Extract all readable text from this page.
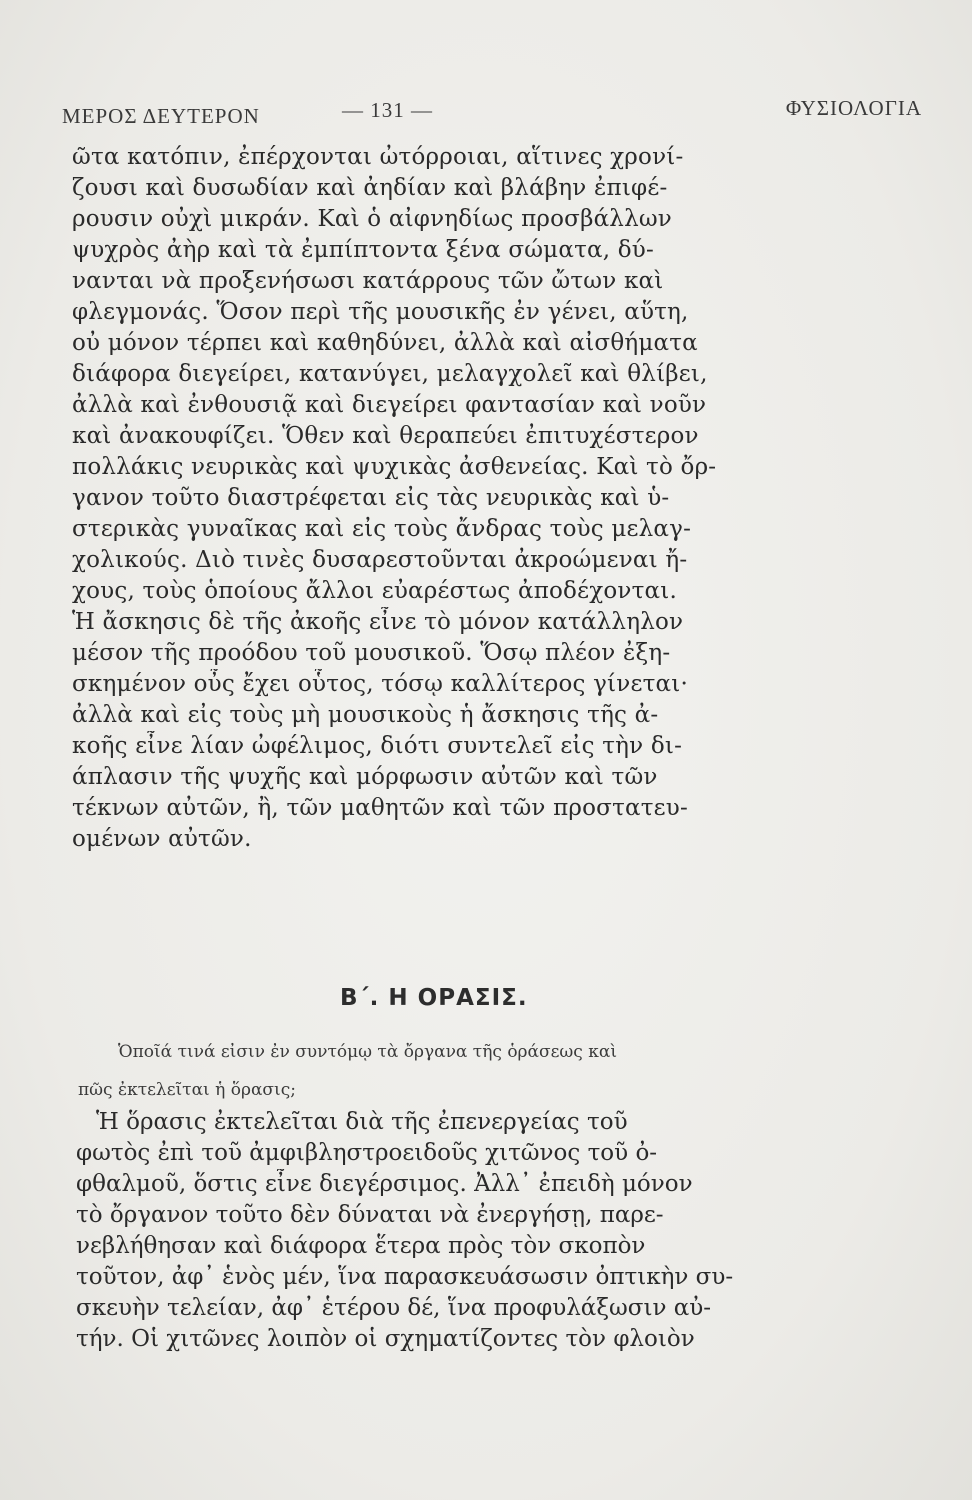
ΜΕΡΟΣ ΔΕΥΤΕΡΟΝ	— 131 —	ΦΥΣΙΟΛΟΓΙΑ
ῶτα κατόπιν, ἐπέρχονται ὠτόρροιαι, αἵτινες χρονί-
ζουσι καὶ δυσωδίαν καὶ ἀηδίαν καὶ βλάβην ἐπιφέ-
ρουσιν οὐχὶ μικράν. Καὶ ὁ αἰφνηδίως προσβάλλων
ψυχρὸς ἀὴρ καὶ τὰ ἐμπίπτοντα ξένα σώματα, δύ-
νανται νὰ προξενήσωσι κατάρρους τῶν ὤτων καὶ
φλεγμονάς. Ὅσον περὶ τῆς μουσικῆς ἐν γένει, αὕτη,
οὐ μόνον τέρπει καὶ καθηδύνει, ἀλλὰ καὶ αἰσθήματα
διάφορα διεγείρει, κατανύγει, μελαγχολεῖ καὶ θλίβει,
ἀλλὰ καὶ ἐνθουσιᾷ καὶ διεγείρει φαντασίαν καὶ νοῦν
καὶ ἀνακουφίζει. Ὅθεν καὶ θεραπεύει ἐπιτυχέστερον
πολλάκις νευρικὰς καὶ ψυχικὰς ἀσθενείας. Καὶ τὸ ὄρ-
γανον τοῦτο διαστρέφεται εἰς τὰς νευρικὰς καὶ ὑ-
στερικὰς γυναῖκας καὶ εἰς τοὺς ἄνδρας τοὺς μελαγ-
χολικούς. Διὸ τινὲς δυσαρεστοῦνται ἀκροώμεναι ἤ-
χους, τοὺς ὁποίους ἄλλοι εὐαρέστως ἀποδέχονται.
Ἡ ἄσκησις δὲ τῆς ἀκοῆς εἶνε τὸ μόνον κατάλληλον
μέσον τῆς προόδου τοῦ μουσικοῦ. Ὅσῳ πλέον ἐξη-
σκημένον οὖς ἔχει οὗτος, τόσῳ καλλίτερος γίνεται·
ἀλλὰ καὶ εἰς τοὺς μὴ μουσικοὺς ἡ ἄσκησις τῆς ἀ-
κοῆς εἶνε λίαν ὠφέλιμος, διότι συντελεῖ εἰς τὴν δι-
άπλασιν τῆς ψυχῆς καὶ μόρφωσιν αὐτῶν καὶ τῶν
τέκνων αὐτῶν, ἢ, τῶν μαθητῶν καὶ τῶν προστατευ-
ομένων αὐτῶν.
Β΄. Η ΟΡΑΣΙΣ.
Ὁποῖά τινά εἰσιν ἐν συντόμῳ τὰ ὄργανα τῆς ὁράσεως καὶ
πῶς ἐκτελεῖται ἡ ὅρασις;
Ἡ ὅρασις ἐκτελεῖται διὰ τῆς ἐπενεργείας τοῦ
φωτὸς ἐπὶ τοῦ ἀμφιβληστροειδοῦς χιτῶνος τοῦ ὀ-
φθαλμοῦ, ὅστις εἶνε διεγέρσιμος. Ἀλλ᾽ ἐπειδὴ μόνον
τὸ ὄργανον τοῦτο δὲν δύναται νὰ ἐνεργήσῃ, παρε-
νεβλήθησαν καὶ διάφορα ἕτερα πρὸς τὸν σκοπὸν
τοῦτον, ἀφ᾽ ἑνὸς μέν, ἵνα παρασκευάσωσιν ὀπτικὴν συ-
σκευὴν τελείαν, ἀφ᾽ ἑτέρου δέ, ἵνα προφυλάξωσιν αὐ-
τήν. Οἱ χιτῶνες λοιπὸν οἱ σχηματίζοντες τὸν φλοιὸν
